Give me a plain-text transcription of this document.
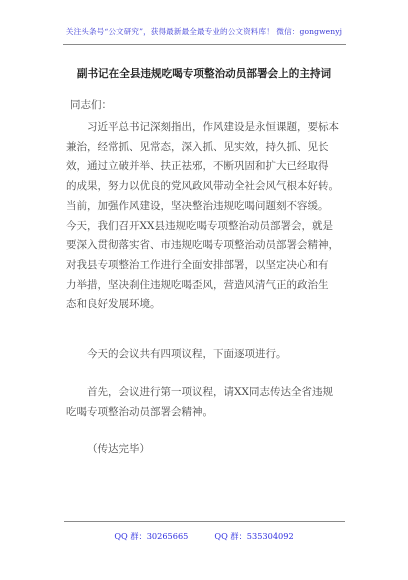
关注头条号“公文研究”，获得最新最全最专业的公文资料库！ 微信：gongwenyj
副书记在全县违规吃喝专项整治动员部署会上的主持词
同志们：
习近平总书记深刻指出，作风建设是永恒课题，要标本
兼治，经常抓、见常态，深入抓、见实效，持久抓、见长
效，通过立破并举、扶正祛邪，不断巩固和扩大已经取得
的成果，努力以优良的党风政风带动全社会风气根本好转。
当前，加强作风建设，坚决整治违规吃喝问题刻不容缓。
今天，我们召开XX县违规吃喝专项整治动员部署会，就是
要深入贯彻落实省、市违规吃喝专项整治动员部署会精神，
对我县专项整治工作进行全面安排部署，以坚定决心和有
力举措，坚决刹住违规吃喝歪风，营造风清气正的政治生
态和良好发展环境。
今天的会议共有四项议程，下面逐项进行。
首先，会议进行第一项议程，请XX同志传达全省违规
吃喝专项整治动员部署会精神。
（传达完毕）
QQ 群：30265665	QQ 群：535304092
